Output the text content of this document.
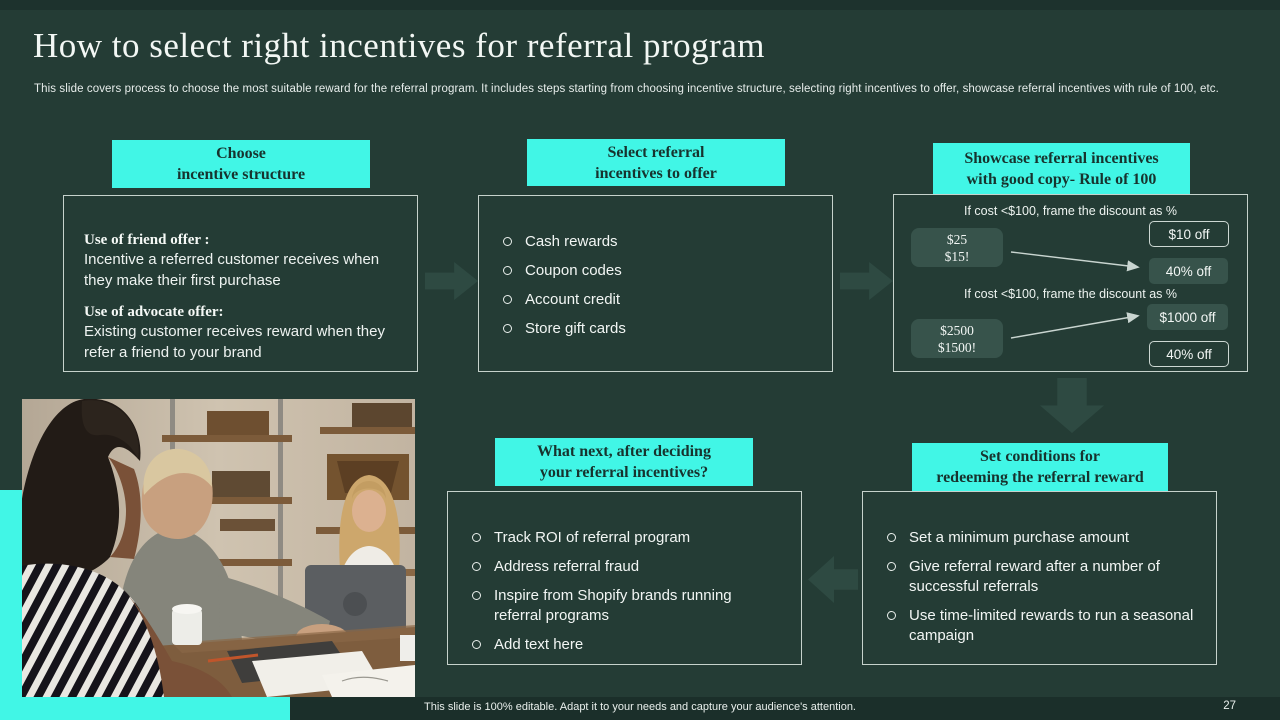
How to select right incentives for referral program

This slide covers process to choose the most suitable reward for the referral program. It includes steps starting from choosing incentive structure, selecting right incentives to offer, showcase referral incentives with rule of 100, etc.

Choose
incentive structure

Use of friend offer :

Incentive a referred customer receives when they make their first purchase

Use of advocate offer:

Existing customer receives reward when they refer a friend to your brand

Select referral
incentives to offer
Cash rewards
Coupon codes
Account credit
Store gift cards
Showcase referral incentives
with good copy- Rule of 100
If cost <$100, frame the discount as %
$25
$15!
$10 off
40% off
If cost <$100, frame the discount as %
$1000 off
$2500
$1500!	40% off
What next, after deciding
your referral incentives?
Track ROI of referral program
Address referral fraud
Inspire from Shopify brands running referral programs
Add text here
Set conditions for
redeeming the referral reward
Set a minimum purchase amount
Give referral reward after a number of successful referrals
Use time-limited rewards to run a seasonal campaign
This slide is 100% editable. Adapt it to your needs and capture your audience's attention.	27
